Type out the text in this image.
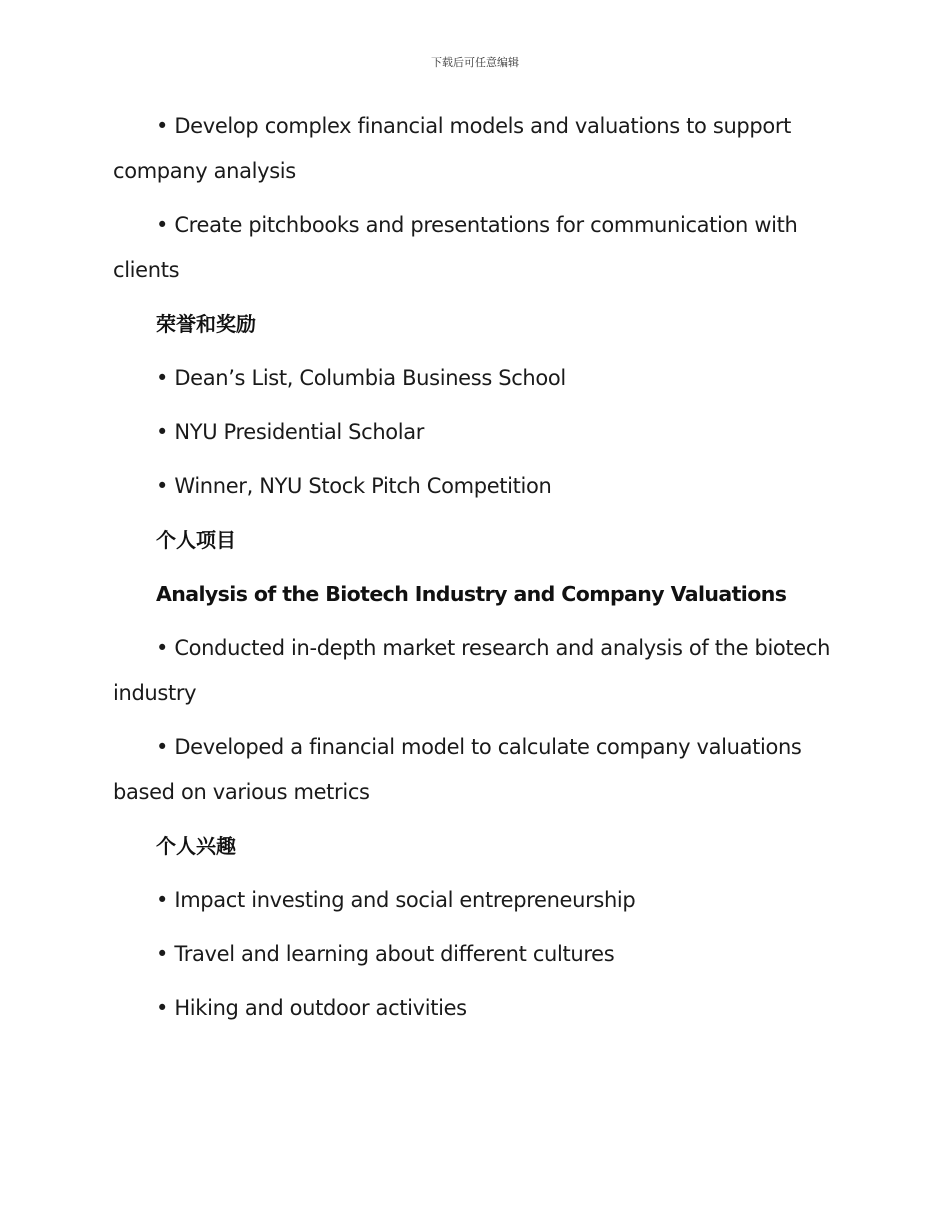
下载后可任意编辑

• Develop complex financial models and valuations to support company analysis

• Create pitchbooks and presentations for communication with clients

荣誉和奖励

• Dean’s List, Columbia Business School

• NYU Presidential Scholar

• Winner, NYU Stock Pitch Competition

个人项目

Analysis of the Biotech Industry and Company Valuations

• Conducted in-depth market research and analysis of the biotech industry

• Developed a financial model to calculate company valuations based on various metrics

个人兴趣

• Impact investing and social entrepreneurship

• Travel and learning about different cultures

• Hiking and outdoor activities
